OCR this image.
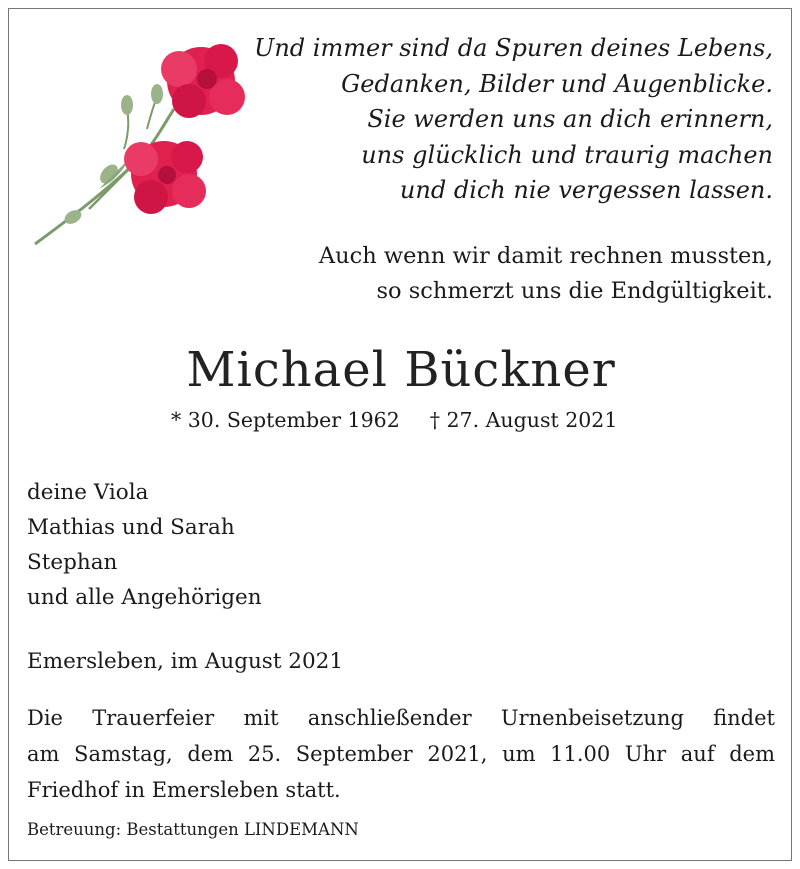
Und immer sind da Spuren deines Lebens,
Gedanken, Bilder und Augenblicke.
Sie werden uns an dich erinnern,
uns glücklich und traurig machen
und dich nie vergessen lassen.
Auch wenn wir damit rechnen mussten,
so schmerzt uns die Endgültigkeit.
Michael Bückner
* 30. September 1962 † 27. August 2021
deine Viola
Mathias und Sarah
Stephan
und alle Angehörigen
Emersleben, im August 2021
Die Trauerfeier mit anschließender Urnenbeisetzung findet
am Samstag, dem 25. September 2021, um 11.00 Uhr auf dem
Friedhof in Emersleben statt.
Betreuung: Bestattungen LINDEMANN
